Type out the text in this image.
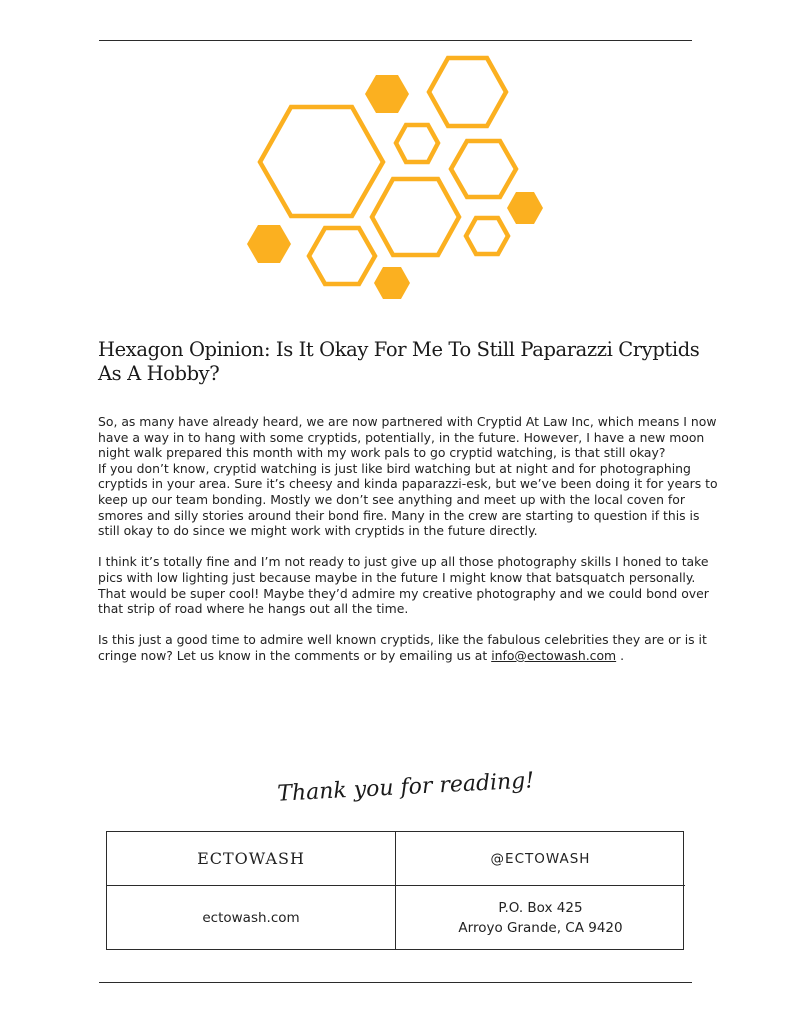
Hexagon Opinion: Is It Okay For Me To Still Paparazzi Cryptids As A Hobby?

So, as many have already heard, we are now partnered with Cryptid At Law Inc, which means I now have a way in to hang with some cryptids, potentially, in the future. However, I have a new moon night walk prepared this month with my work pals to go cryptid watching, is that still okay?

If you don’t know, cryptid watching is just like bird watching but at night and for photographing cryptids in your area. Sure it’s cheesy and kinda paparazzi-esk, but we’ve been doing it for years to keep up our team bonding. Mostly we don’t see anything and meet up with the local coven for smores and silly stories around their bond fire. Many in the crew are starting to question if this is still okay to do since we might work with cryptids in the future directly.

I think it’s totally fine and I’m not ready to just give up all those photography skills I honed to take pics with low lighting just because maybe in the future I might know that batsquatch personally. That would be super cool! Maybe they’d admire my creative photography and we could bond over that strip of road where he hangs out all the time.

Is this just a good time to admire well known cryptids, like the fabulous celebrities they are or is it cringe now? Let us know in the comments or by emailing us at info@ectowash.com .

Thank you for reading!
ECTOWASH	@ECTOWASH
ectowash.com
P.O. Box 425
Arroyo Grande, CA 9420
